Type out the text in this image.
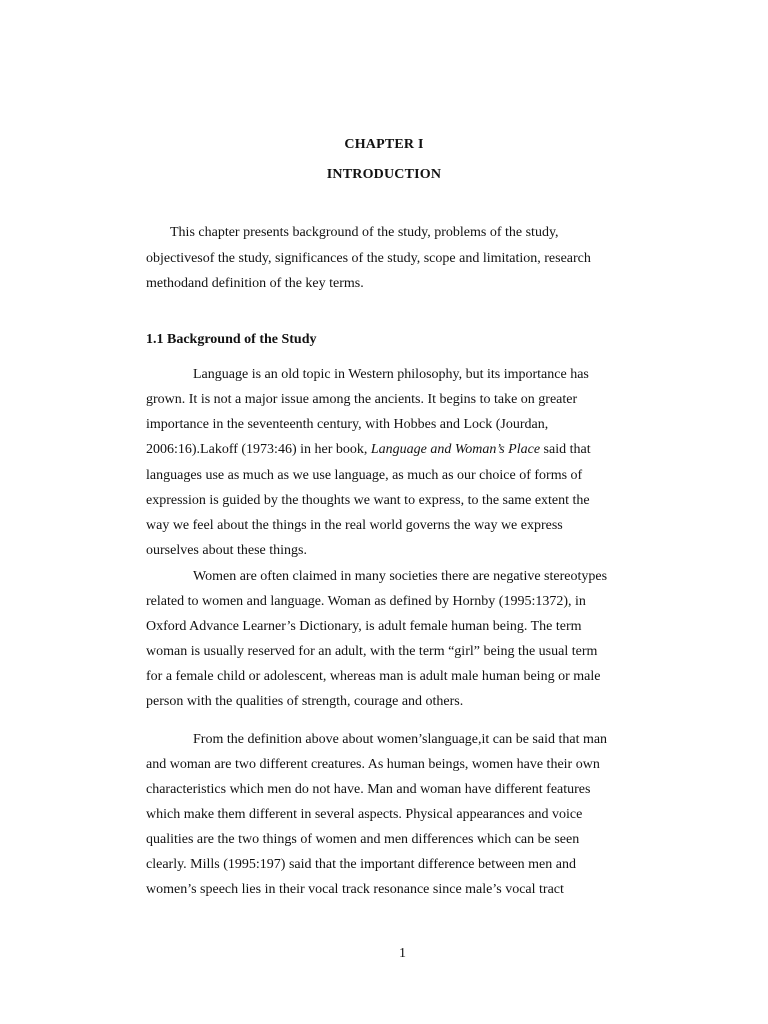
CHAPTER I
INTRODUCTION
This chapter presents background of the study, problems of the study,
objectivesof the study, significances of the study, scope and limitation, research
methodand definition of the key terms.
1.1 Background of the Study
Language is an old topic in Western philosophy, but its importance has
grown. It is not a major issue among the ancients. It begins to take on greater
importance in the seventeenth century, with Hobbes and Lock (Jourdan,
2006:16).Lakoff (1973:46) in her book, Language and Woman’s Place said that
languages use as much as we use language, as much as our choice of forms of
expression is guided by the thoughts we want to express, to the same extent the
way we feel about the things in the real world governs the way we express
ourselves about these things.
Women are often claimed in many societies there are negative stereotypes
related to women and language. Woman as defined by Hornby (1995:1372), in
Oxford Advance Learner’s Dictionary, is adult female human being. The term
woman is usually reserved for an adult, with the term “girl” being the usual term
for a female child or adolescent, whereas man is adult male human being or male
person with the qualities of strength, courage and others.
From the definition above about women’slanguage,it can be said that man
and woman are two different creatures. As human beings, women have their own
characteristics which men do not have. Man and woman have different features
which make them different in several aspects. Physical appearances and voice
qualities are the two things of women and men differences which can be seen
clearly. Mills (1995:197) said that the important difference between men and
women’s speech lies in their vocal track resonance since male’s vocal tract
1
